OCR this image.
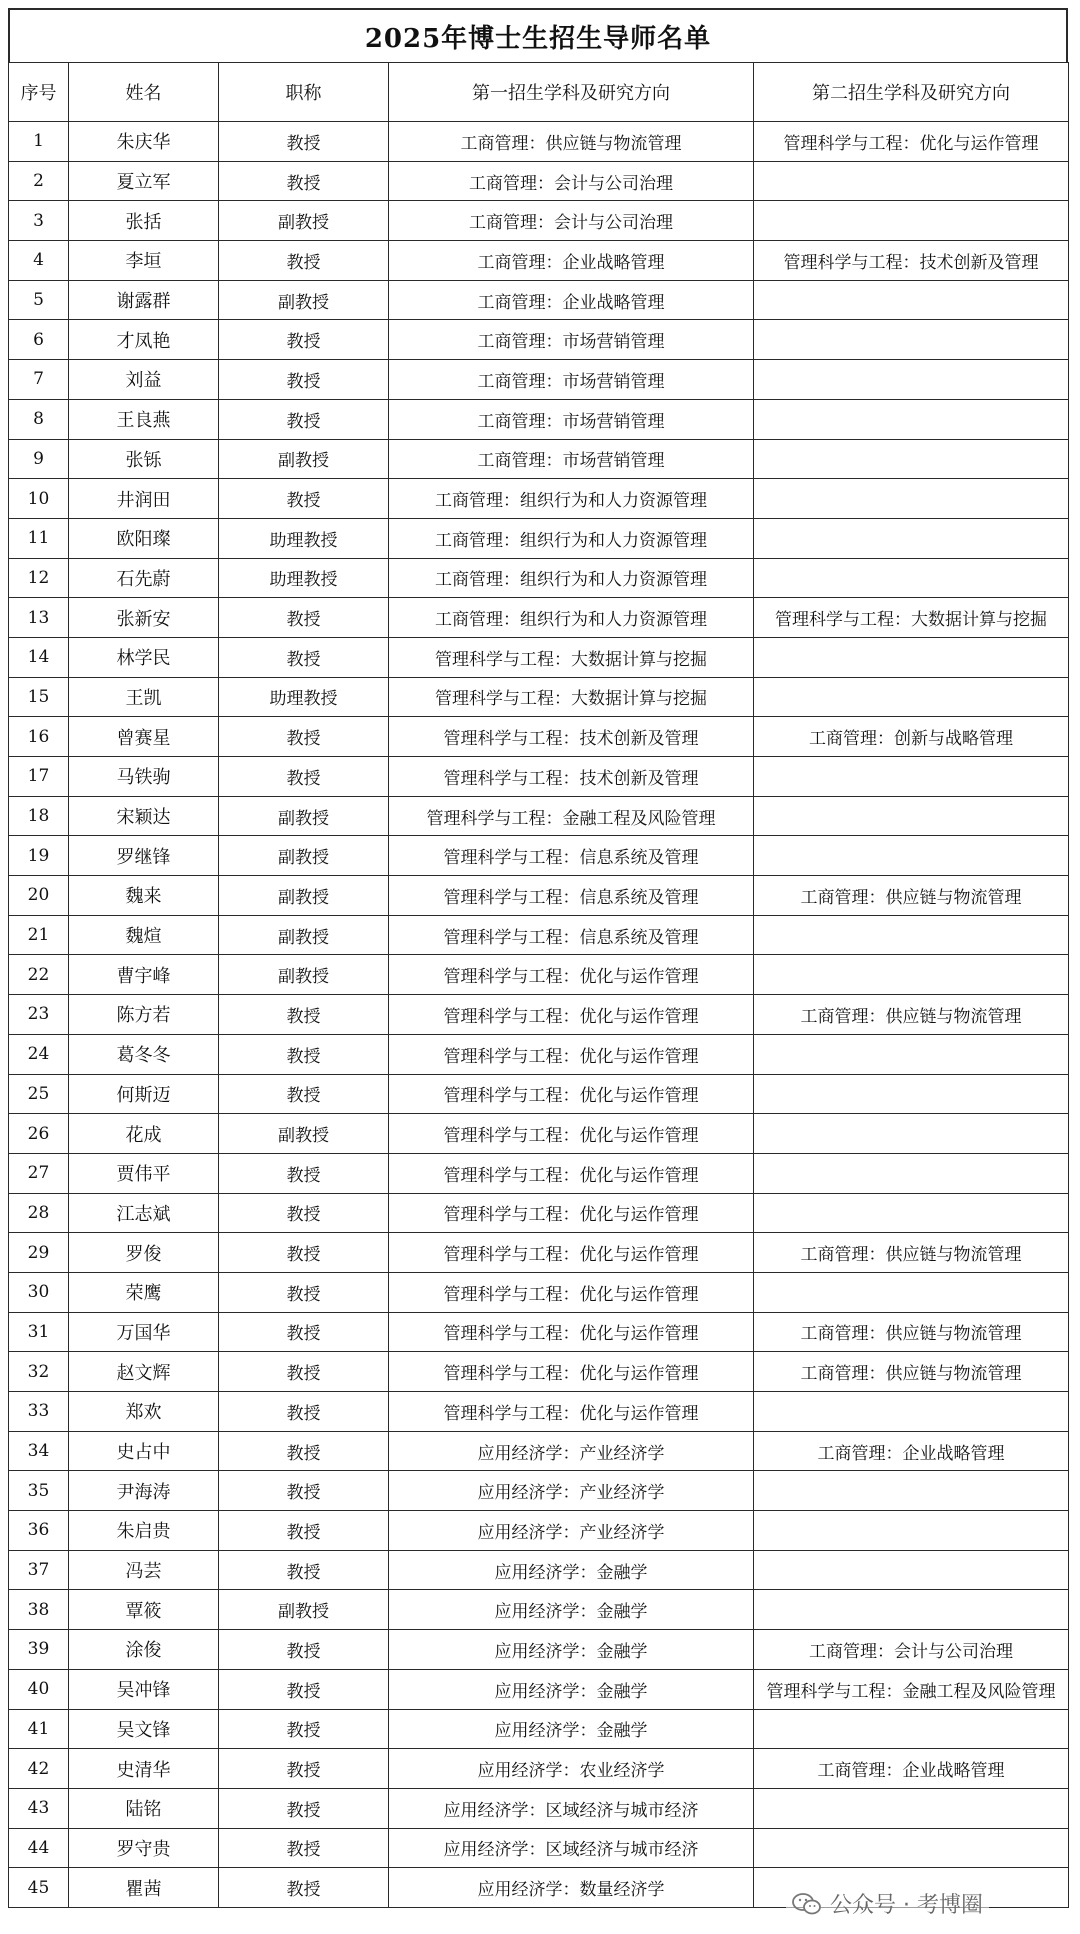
2025年博士生招生导师名单
序号	姓名	职称	第一招生学科及研究方向	第二招生学科及研究方向
1	朱庆华	教授	工商管理：供应链与物流管理	管理科学与工程：优化与运作管理
2	夏立军	教授	工商管理：会计与公司治理	
3	张括	副教授	工商管理：会计与公司治理	
4	李垣	教授	工商管理：企业战略管理	管理科学与工程：技术创新及管理
5	谢露群	副教授	工商管理：企业战略管理	
6	才凤艳	教授	工商管理：市场营销管理	
7	刘益	教授	工商管理：市场营销管理	
8	王良燕	教授	工商管理：市场营销管理	
9	张铄	副教授	工商管理：市场营销管理	
10	井润田	教授	工商管理：组织行为和人力资源管理	
11	欧阳璨	助理教授	工商管理：组织行为和人力资源管理	
12	石先蔚	助理教授	工商管理：组织行为和人力资源管理	
13	张新安	教授	工商管理：组织行为和人力资源管理	管理科学与工程：大数据计算与挖掘
14	林学民	教授	管理科学与工程：大数据计算与挖掘	
15	王凯	助理教授	管理科学与工程：大数据计算与挖掘	
16	曾赛星	教授	管理科学与工程：技术创新及管理	工商管理：创新与战略管理
17	马铁驹	教授	管理科学与工程：技术创新及管理	
18	宋颖达	副教授	管理科学与工程：金融工程及风险管理	
19	罗继锋	副教授	管理科学与工程：信息系统及管理	
20	魏来	副教授	管理科学与工程：信息系统及管理	工商管理：供应链与物流管理
21	魏煊	副教授	管理科学与工程：信息系统及管理	
22	曹宇峰	副教授	管理科学与工程：优化与运作管理	
23	陈方若	教授	管理科学与工程：优化与运作管理	工商管理：供应链与物流管理
24	葛冬冬	教授	管理科学与工程：优化与运作管理	
25	何斯迈	教授	管理科学与工程：优化与运作管理	
26	花成	副教授	管理科学与工程：优化与运作管理	
27	贾伟平	教授	管理科学与工程：优化与运作管理	
28	江志斌	教授	管理科学与工程：优化与运作管理	
29	罗俊	教授	管理科学与工程：优化与运作管理	工商管理：供应链与物流管理
30	荣鹰	教授	管理科学与工程：优化与运作管理	
31	万国华	教授	管理科学与工程：优化与运作管理	工商管理：供应链与物流管理
32	赵文辉	教授	管理科学与工程：优化与运作管理	工商管理：供应链与物流管理
33	郑欢	教授	管理科学与工程：优化与运作管理	
34	史占中	教授	应用经济学：产业经济学	工商管理：企业战略管理
35	尹海涛	教授	应用经济学：产业经济学	
36	朱启贵	教授	应用经济学：产业经济学	
37	冯芸	教授	应用经济学：金融学	
38	覃筱	副教授	应用经济学：金融学	
39	涂俊	教授	应用经济学：金融学	工商管理：会计与公司治理
40	吴冲锋	教授	应用经济学：金融学	管理科学与工程：金融工程及风险管理
41	吴文锋	教授	应用经济学：金融学	
42	史清华	教授	应用经济学：农业经济学	工商管理：企业战略管理
43	陆铭	教授	应用经济学：区域经济与城市经济	
44	罗守贵	教授	应用经济学：区域经济与城市经济	
45	瞿茜	教授	应用经济学：数量经济学	
公众号 · 考博圈
